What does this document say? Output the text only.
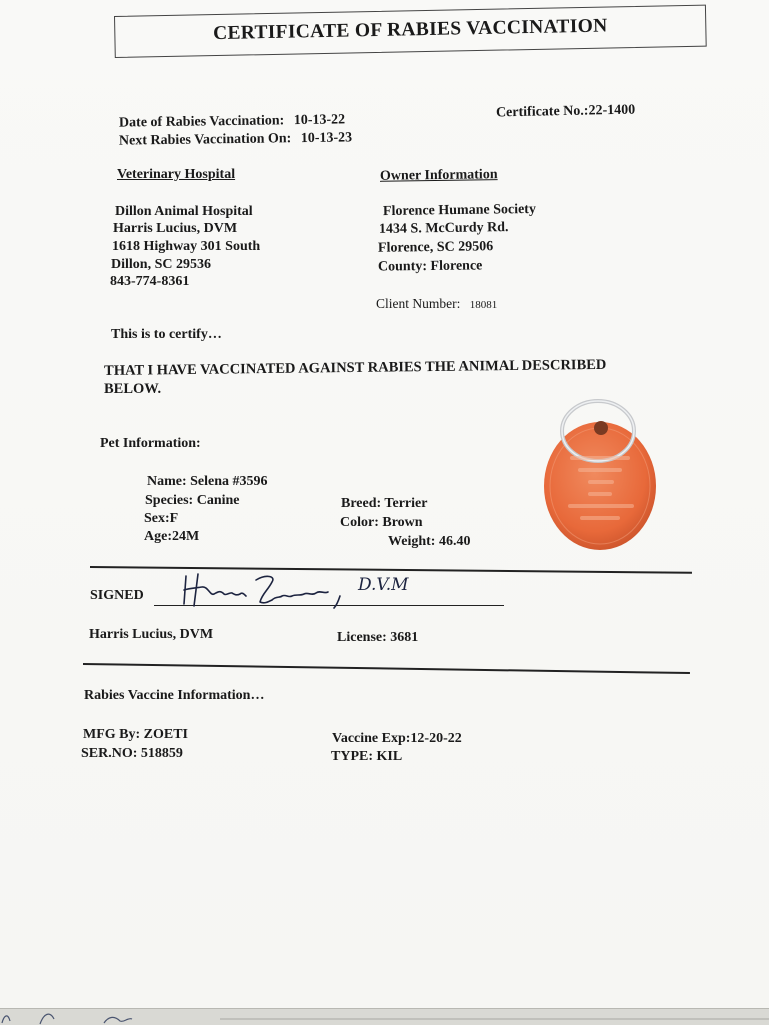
CERTIFICATE OF RABIES VACCINATION
Date of Rabies Vaccination: 10-13-22
Next Rabies Vaccination On: 10-13-23
Certificate No.:22-1400
Veterinary Hospital
Dillon Animal Hospital
Harris Lucius, DVM
1618 Highway 301 South
Dillon, SC 29536
843-774-8361
Owner Information
Florence Humane Society
1434 S. McCurdy Rd.
Florence, SC 29506
County: Florence
Client Number: 18081
This is to certify…
THAT I HAVE VACCINATED AGAINST RABIES THE ANIMAL DESCRIBED
BELOW.
Pet Information:
Name: Selena #3596
Species: Canine
Sex:F
Age:24M
Breed: Terrier
Color: Brown
Weight: 46.40
SIGNED
D.V.M
Harris Lucius, DVM	License: 3681
Rabies Vaccine Information…
MFG By: ZOETI
SER.NO: 518859
Vaccine Exp:12-20-22
TYPE: KIL
